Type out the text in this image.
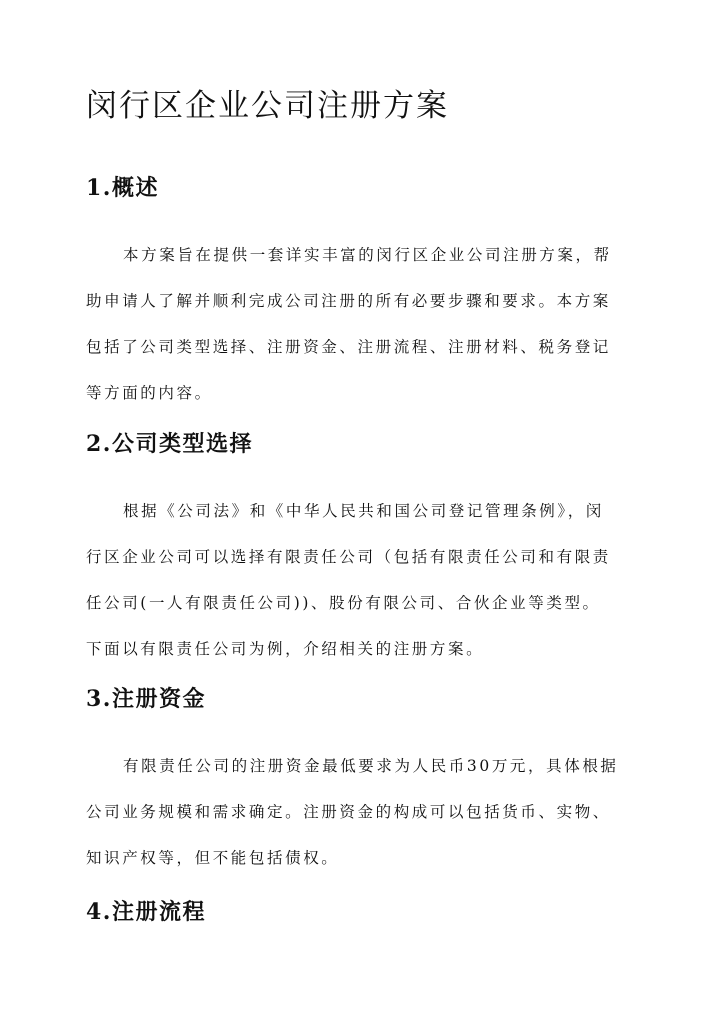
闵行区企业公司注册方案
1.概述
本方案旨在提供一套详实丰富的闵行区企业公司注册方案，帮
助申请人了解并顺利完成公司注册的所有必要步骤和要求。本方案
包括了公司类型选择、注册资金、注册流程、注册材料、税务登记
等方面的内容。
2.公司类型选择
根据《公司法》和《中华人民共和国公司登记管理条例》，闵
行区企业公司可以选择有限责任公司（包括有限责任公司和有限责
任公司(一人有限责任公司))、股份有限公司、合伙企业等类型。
下面以有限责任公司为例，介绍相关的注册方案。
3.注册资金
有限责任公司的注册资金最低要求为人民币30万元，具体根据
公司业务规模和需求确定。注册资金的构成可以包括货币、实物、
知识产权等，但不能包括债权。
4.注册流程
